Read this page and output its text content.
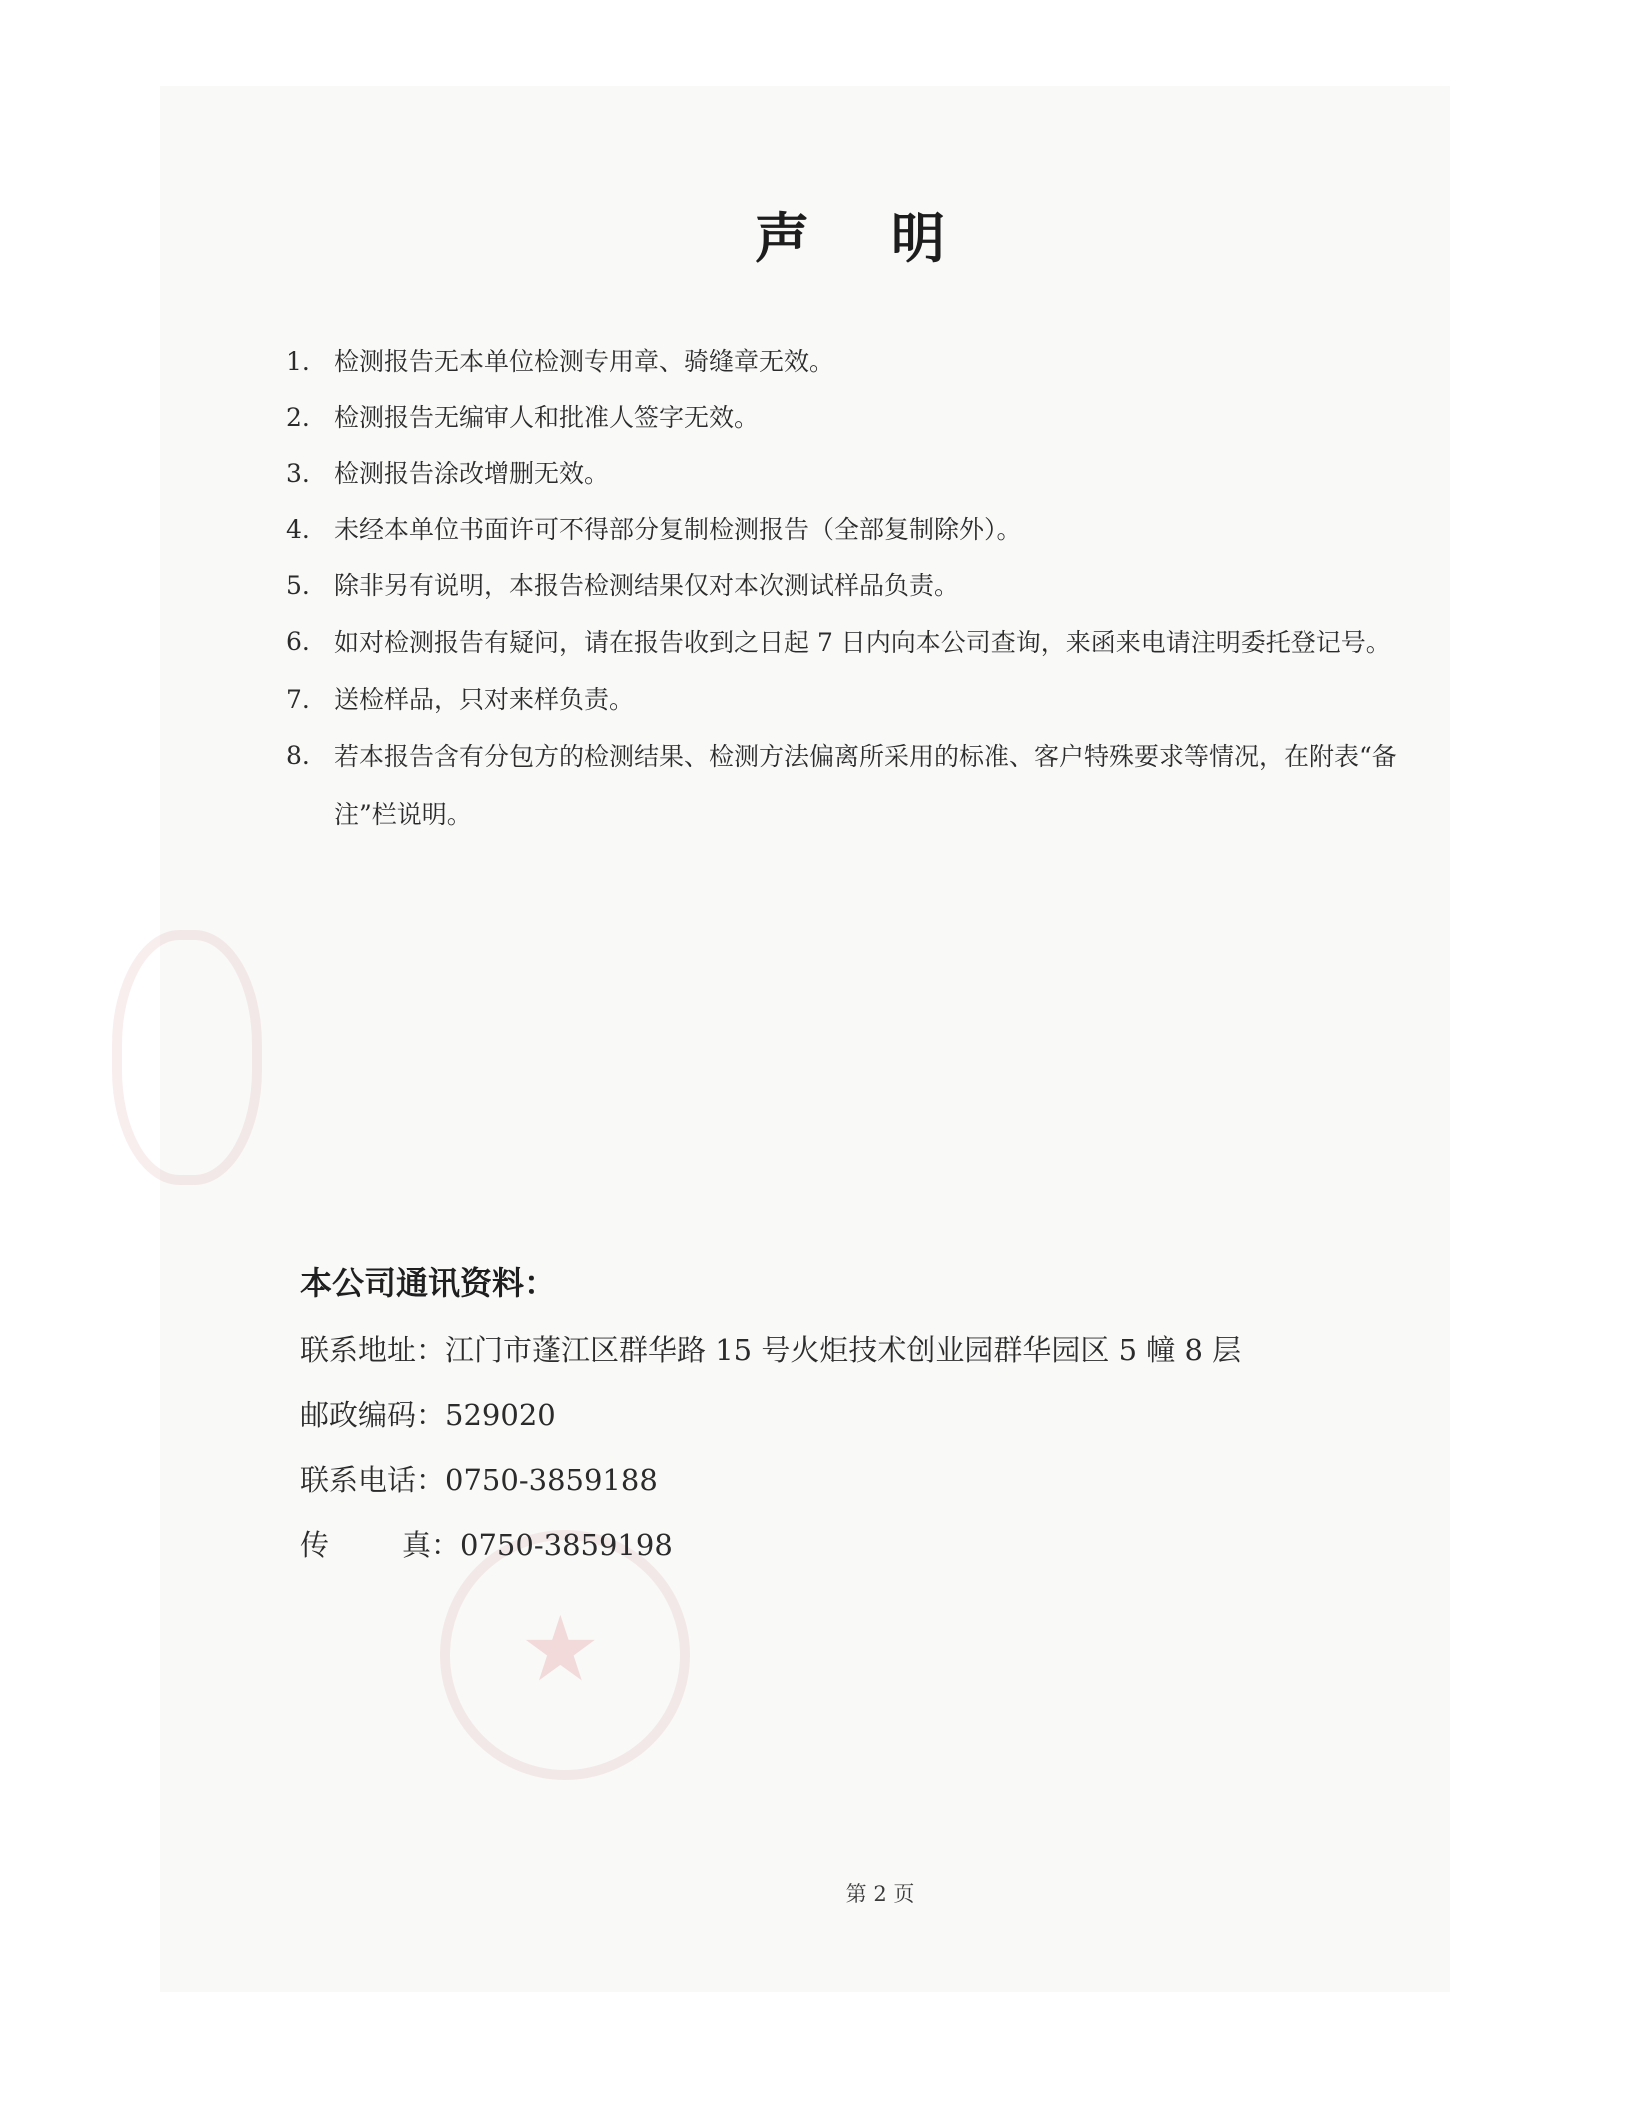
★
声 明
1. 检测报告无本单位检测专用章、骑缝章无效。
2. 检测报告无编审人和批准人签字无效。
3. 检测报告涂改增删无效。
4. 未经本单位书面许可不得部分复制检测报告（全部复制除外）。
5. 除非另有说明，本报告检测结果仅对本次测试样品负责。
6. 如对检测报告有疑问，请在报告收到之日起 7 日内向本公司查询，来函来电请注明委托登记号。
7. 送检样品，只对来样负责。
8. 若本报告含有分包方的检测结果、检测方法偏离所采用的标准、客户特殊要求等情况，在附表“备注”栏说明。
本公司通讯资料：
联系地址：江门市蓬江区群华路 15 号火炬技术创业园群华园区 5 幢 8 层
邮政编码：529020
联系电话：0750-3859188
传	真：0750-3859198
第 2 页
